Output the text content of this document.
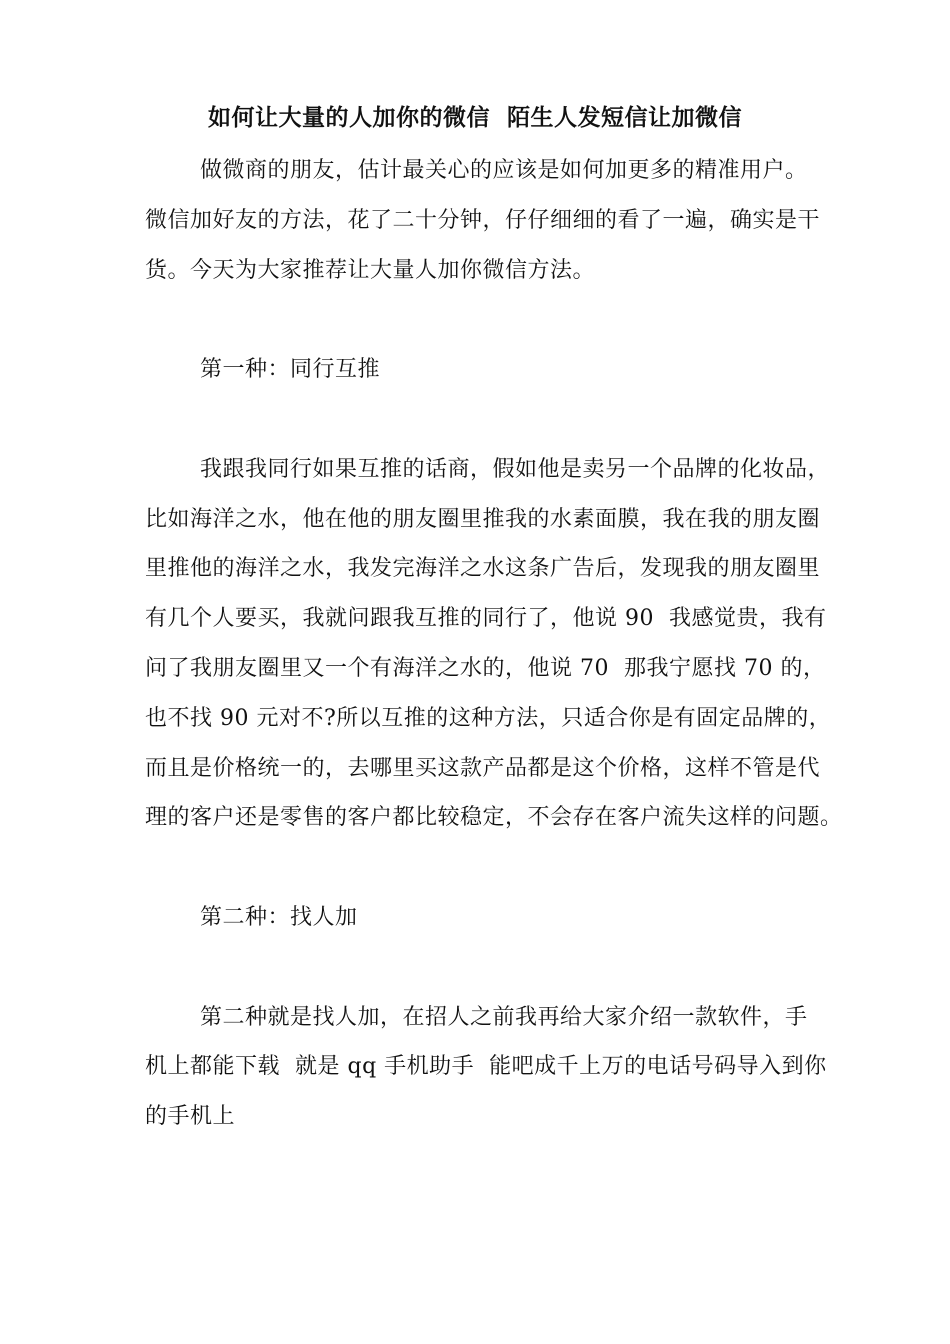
如何让大量的人加你的微信  陌生人发短信让加微信
做微商的朋友，估计最关心的应该是如何加更多的精准用户。
微信加好友的方法，花了二十分钟，仔仔细细的看了一遍，确实是干
货。今天为大家推荐让大量人加你微信方法。
第一种：同行互推
我跟我同行如果互推的话商，假如他是卖另一个品牌的化妆品，
比如海洋之水，他在他的朋友圈里推我的水素面膜，我在我的朋友圈
里推他的海洋之水，我发完海洋之水这条广告后，发现我的朋友圈里
有几个人要买，我就问跟我互推的同行了，他说 90  我感觉贵，我有
问了我朋友圈里又一个有海洋之水的，他说 70  那我宁愿找 70 的，
也不找 90 元对不?所以互推的这种方法，只适合你是有固定品牌的，
而且是价格统一的，去哪里买这款产品都是这个价格，这样不管是代
理的客户还是零售的客户都比较稳定，不会存在客户流失这样的问题。
第二种：找人加
第二种就是找人加，在招人之前我再给大家介绍一款软件，手
机上都能下载  就是 qq 手机助手  能吧成千上万的电话号码导入到你
的手机上
